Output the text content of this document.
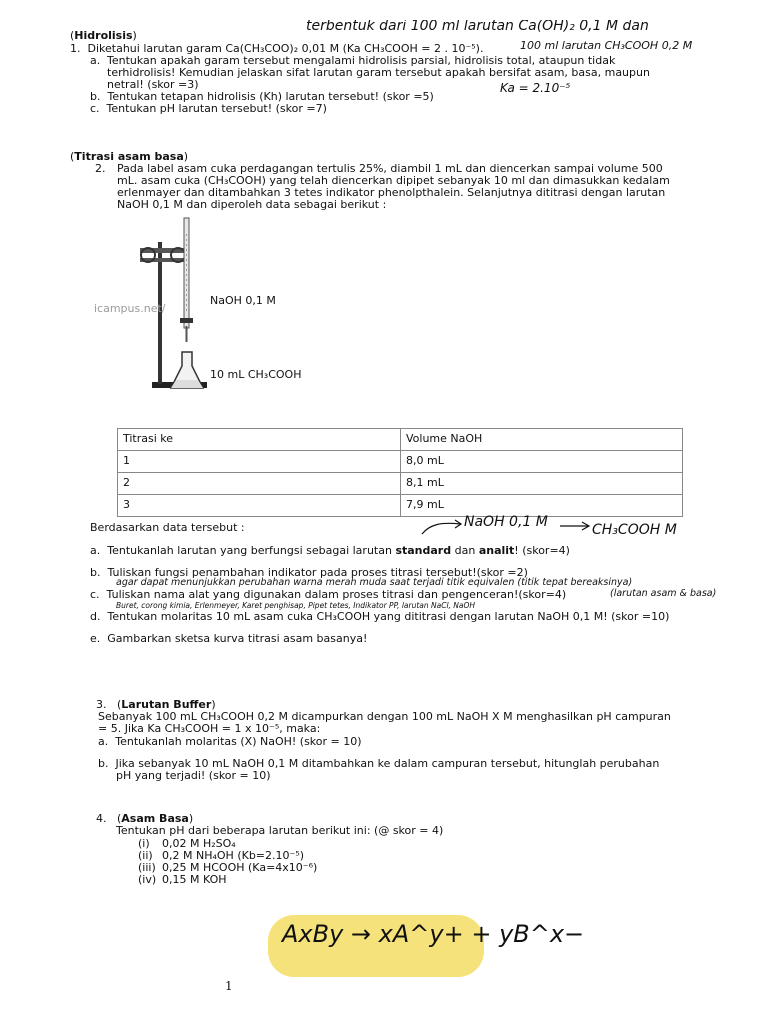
terbentuk dari 100 ml larutan Ca(OH)₂ 0,1 M dan
100 ml larutan CH₃COOH 0,2 M
Ka = 2.10⁻⁵
(Hidrolisis)
1.  Diketahui larutan garam Ca(CH₃COO)₂ 0,01 M (Ka CH₃COOH = 2 . 10⁻⁵).
a. Tentukan apakah garam tersebut mengalami hidrolisis parsial, hidrolisis total, ataupun tidak
terhidrolisis! Kemudian jelaskan sifat larutan garam tersebut apakah bersifat asam, basa, maupun
netral! (skor =3)
b.  Tentukan tetapan hidrolisis (Kh) larutan tersebut! (skor =5)
c.  Tentukan pH larutan tersebut! (skor =7)
(Titrasi asam basa)
2. Pada label asam cuka perdagangan tertulis 25%, diambil 1 mL dan diencerkan sampai volume 500
mL. asam cuka (CH₃COOH) yang telah diencerkan dipipet sebanyak 10 ml dan dimasukkan kedalam
erlenmayer dan ditambahkan 3 tetes indikator phenolpthalein. Selanjutnya dititrasi dengan larutan
NaOH 0,1 M dan diperoleh data sebagai berikut :
icampus.net/
NaOH 0,1 M
10 mL CH₃COOH
Titrasi ke	Volume NaOH
1	8,0 mL
2	8,1 mL
3	7,9 mL
Berdasarkan data tersebut :	NaOH 0,1 M	CH₃COOH M
a.  Tentukanlah larutan yang berfungsi sebagai larutan standard dan analit! (skor=4)
b.  Tuliskan fungsi penambahan indikator pada proses titrasi tersebut!(skor =2)
agar dapat menunjukkan perubahan warna merah muda saat terjadi titik equivalen (titik tepat bereaksinya)
c.  Tuliskan nama alat yang digunakan dalam proses titrasi dan pengenceran!(skor=4)	(larutan asam & basa)
Buret, corong kimia, Erlenmeyer, Karet penghisap, Pipet tetes, Indikator PP, larutan NaCl, NaOH
d.  Tentukan molaritas 10 mL asam cuka CH₃COOH yang dititrasi dengan larutan NaOH 0,1 M! (skor =10)
e.  Gambarkan sketsa kurva titrasi asam basanya!
3.   (Larutan Buffer)
Sebanyak 100 mL CH₃COOH 0,2 M dicampurkan dengan 100 mL NaOH X M menghasilkan pH campuran
= 5. Jika Ka CH₃COOH = 1 x 10⁻⁵, maka:
a.  Tentukanlah molaritas (X) NaOH! (skor = 10)
b.  Jika sebanyak 10 mL NaOH 0,1 M ditambahkan ke dalam campuran tersebut, hitunglah perubahan
pH yang terjadi! (skor = 10)
4.   (Asam Basa)
Tentukan pH dari beberapa larutan berikut ini: (@ skor = 4)
(i) 0,02 M H₂SO₄
(ii) 0,2 M NH₄OH (Kb=2.10⁻⁵)
(iii) 0,25 M HCOOH (Ka=4x10⁻⁶)
(iv) 0,15 M KOH
AxBy → xA^y+ + yB^x−
1
